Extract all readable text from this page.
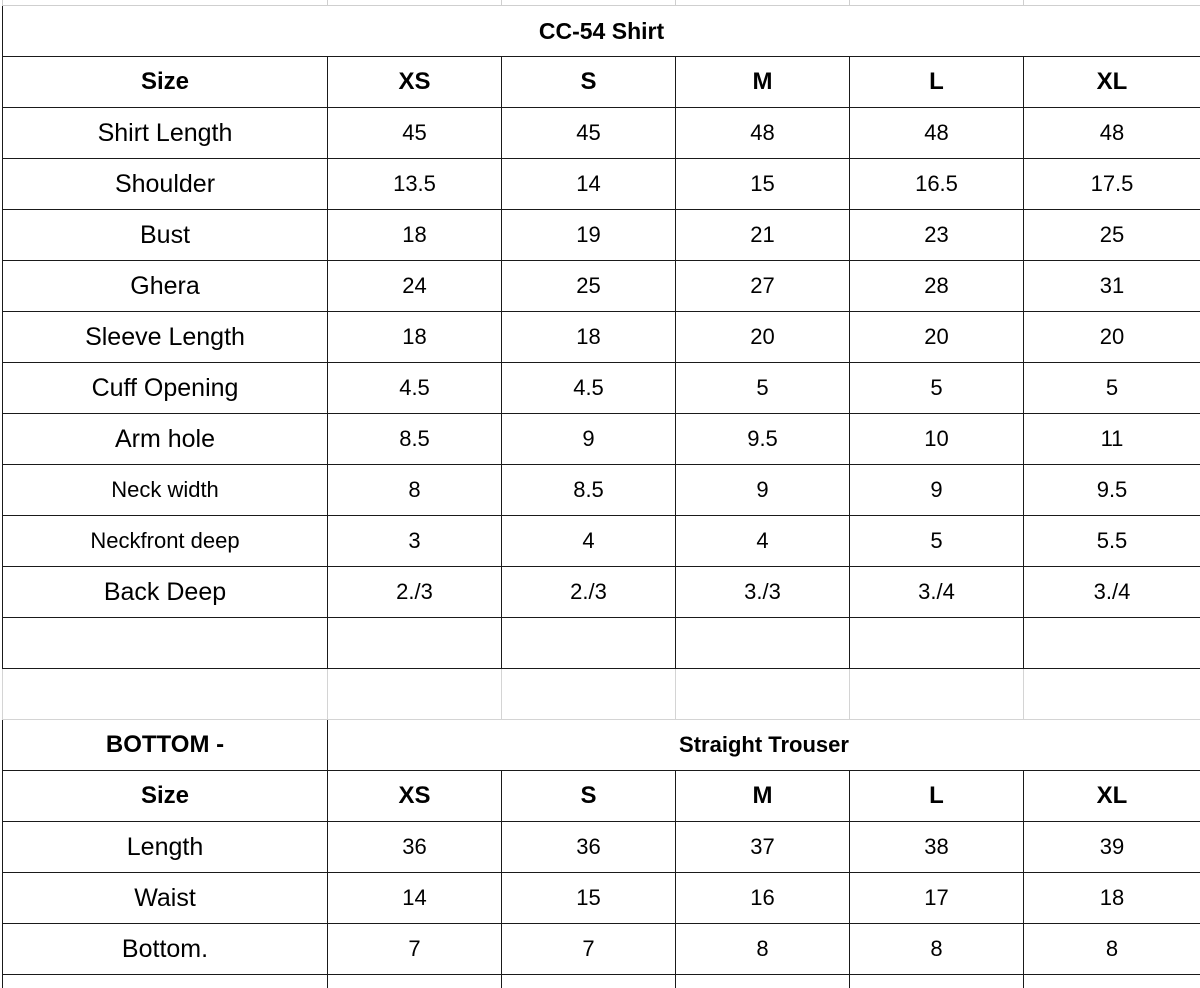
CC-54 Shirt					
Size	XS	S	M	L	XL
Shirt Length	45	45	48	48	48
Shoulder	13.5	14	15	16.5	17.5
Bust	18	19	21	23	25
Ghera	24	25	27	28	31
Sleeve Length	18	18	20	20	20
Cuff Opening	4.5	4.5	5	5	5
Arm hole	8.5	9	9.5	10	11
Neck width	8	8.5	9	9	9.5
Neckfront deep	3	4	4	5	5.5
Back Deep	2./3	2./3	3./3	3./4	3./4

BOTTOM -	Straight Trouser				
Size	XS	S	M	L	XL
Length	36	36	37	38	39
Waist	14	15	16	17	18
Bottom.	7	7	8	8	8
